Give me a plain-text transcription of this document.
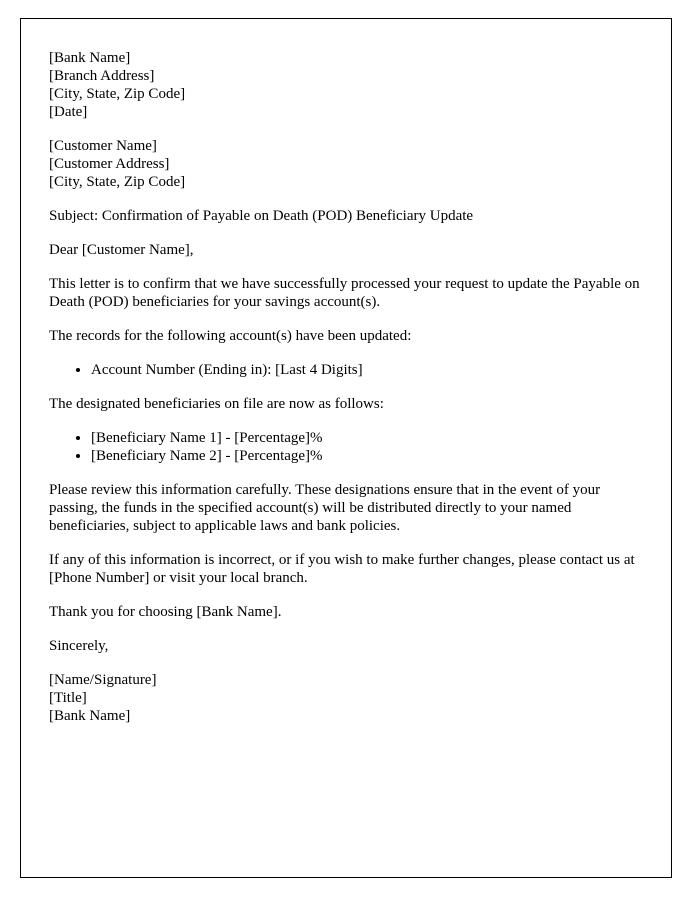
[Bank Name]
[Branch Address]
[City, State, Zip Code]
[Date]
[Customer Name]
[Customer Address]
[City, State, Zip Code]

Subject: Confirmation of Payable on Death (POD) Beneficiary Update

Dear [Customer Name],

This letter is to confirm that we have successfully processed your request to update the Payable on Death (POD) beneficiaries for your savings account(s).

The records for the following account(s) have been updated:

• Account Number (Ending in): [Last 4 Digits]

The designated beneficiaries on file are now as follows:

• [Beneficiary Name 1] - [Percentage]%
• [Beneficiary Name 2] - [Percentage]%

Please review this information carefully. These designations ensure that in the event of your passing, the funds in the specified account(s) will be distributed directly to your named beneficiaries, subject to applicable laws and bank policies.

If any of this information is incorrect, or if you wish to make further changes, please contact us at [Phone Number] or visit your local branch.

Thank you for choosing [Bank Name].

Sincerely,

[Name/Signature]
[Title]
[Bank Name]
